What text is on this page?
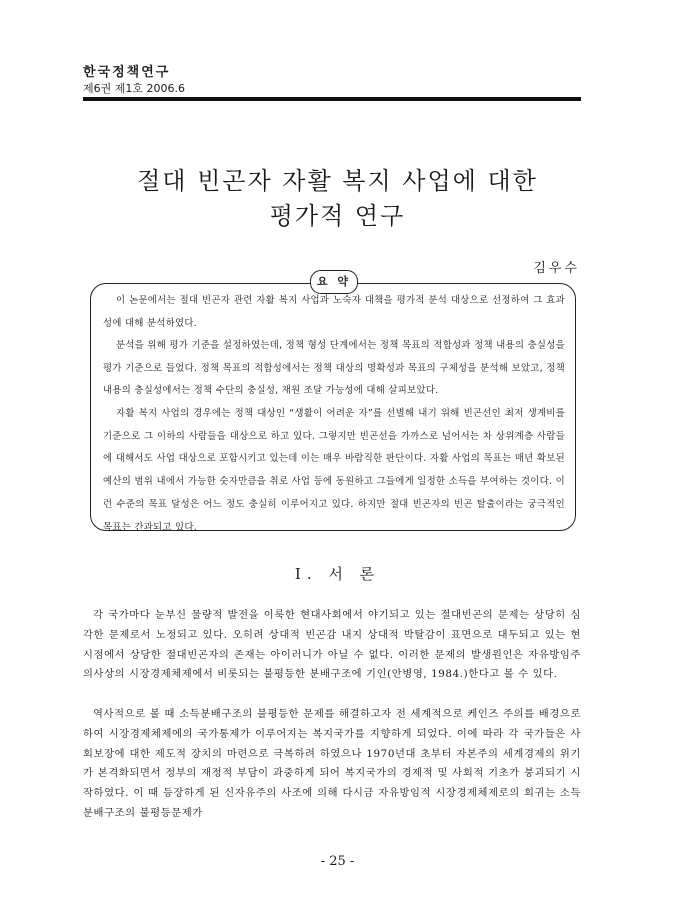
한국정책연구
제6권 제1호 2006.6
절대 빈곤자 자활 복지 사업에 대한
평가적 연구
김우수
요 약

이 논문에서는 절대 빈곤자 관련 자활 복지 사업과 노숙자 대책을 평가적 분석 대상으로 선정하여 그 효과성에 대해 분석하였다.

분석을 위해 평가 기준을 설정하였는데, 정책 형성 단계에서는 정책 목표의 적합성과 정책 내용의 충실성을 평가 기준으로 들었다. 정책 목표의 적합성에서는 정책 대상의 명확성과 목표의 구체성을 분석해 보았고, 정책 내용의 충실성에서는 정책 수단의 충실성, 재원 조달 가능성에 대해 살피보았다.

자활 복지 사업의 경우에는 정책 대상인 “생활이 어려운 자”를 선별해 내기 위해 빈곤선인 최저 생계비를 기준으로 그 이하의 사람들을 대상으로 하고 있다. 그렇지만 빈곤선을 가까스로 넘어서는 차 상위계층 사람들에 대해서도 사업 대상으로 포함시키고 있는데 이는 매우 바람직한 판단이다. 자활 사업의 목표는 매년 확보된 예산의 범위 내에서 가능한 숫자만큼을 취로 사업 등에 동원하고 그들에게 일정한 소득을 부여하는 것이다. 이런 수준의 목표 달성은 어느 정도 충실히 이루어지고 있다. 하지만 절대 빈곤자의 빈곤 탈출이라는 궁극적인 목표는 간과되고 있다.

Ⅰ. 서 론

각 국가마다 눈부신 물량적 발전을 이룩한 현대사회에서 야기되고 있는 절대빈곤의 문제는 상당히 심각한 문제로서 노정되고 있다. 오히려 상대적 빈곤감 내지 상대적 박탈감이 표면으로 대두되고 있는 현 시점에서 상당한 절대빈곤자의 존재는 아이러니가 아닐 수 없다. 이러한 문제의 발생원인은 자유방임주의사상의 시장경제체제에서 비롯되는 불평등한 분배구조에 기인(안병영, 1984.)한다고 볼 수 있다.

역사적으로 볼 때 소득분배구조의 불평등한 문제를 해결하고자 전 세계적으로 케인즈 주의를 배경으로 하여 시장경제체제에의 국가통제가 이루어지는 복지국가를 지향하게 되었다. 이에 따라 각 국가들은 사회보장에 대한 제도적 장치의 마련으로 극복하려 하였으나 1970년대 초부터 자본주의 세계경제의 위기가 본격화되면서 정부의 재정적 부담이 과중하게 되어 복지국가의 경제적 및 사회적 기초가 붕괴되기 시작하였다. 이 때 등장하게 된 신자유주의 사조에 의해 다시금 자유방임적 시장경제체제로의 회귀는 소득분배구조의 불평등문제가

- 25 -
